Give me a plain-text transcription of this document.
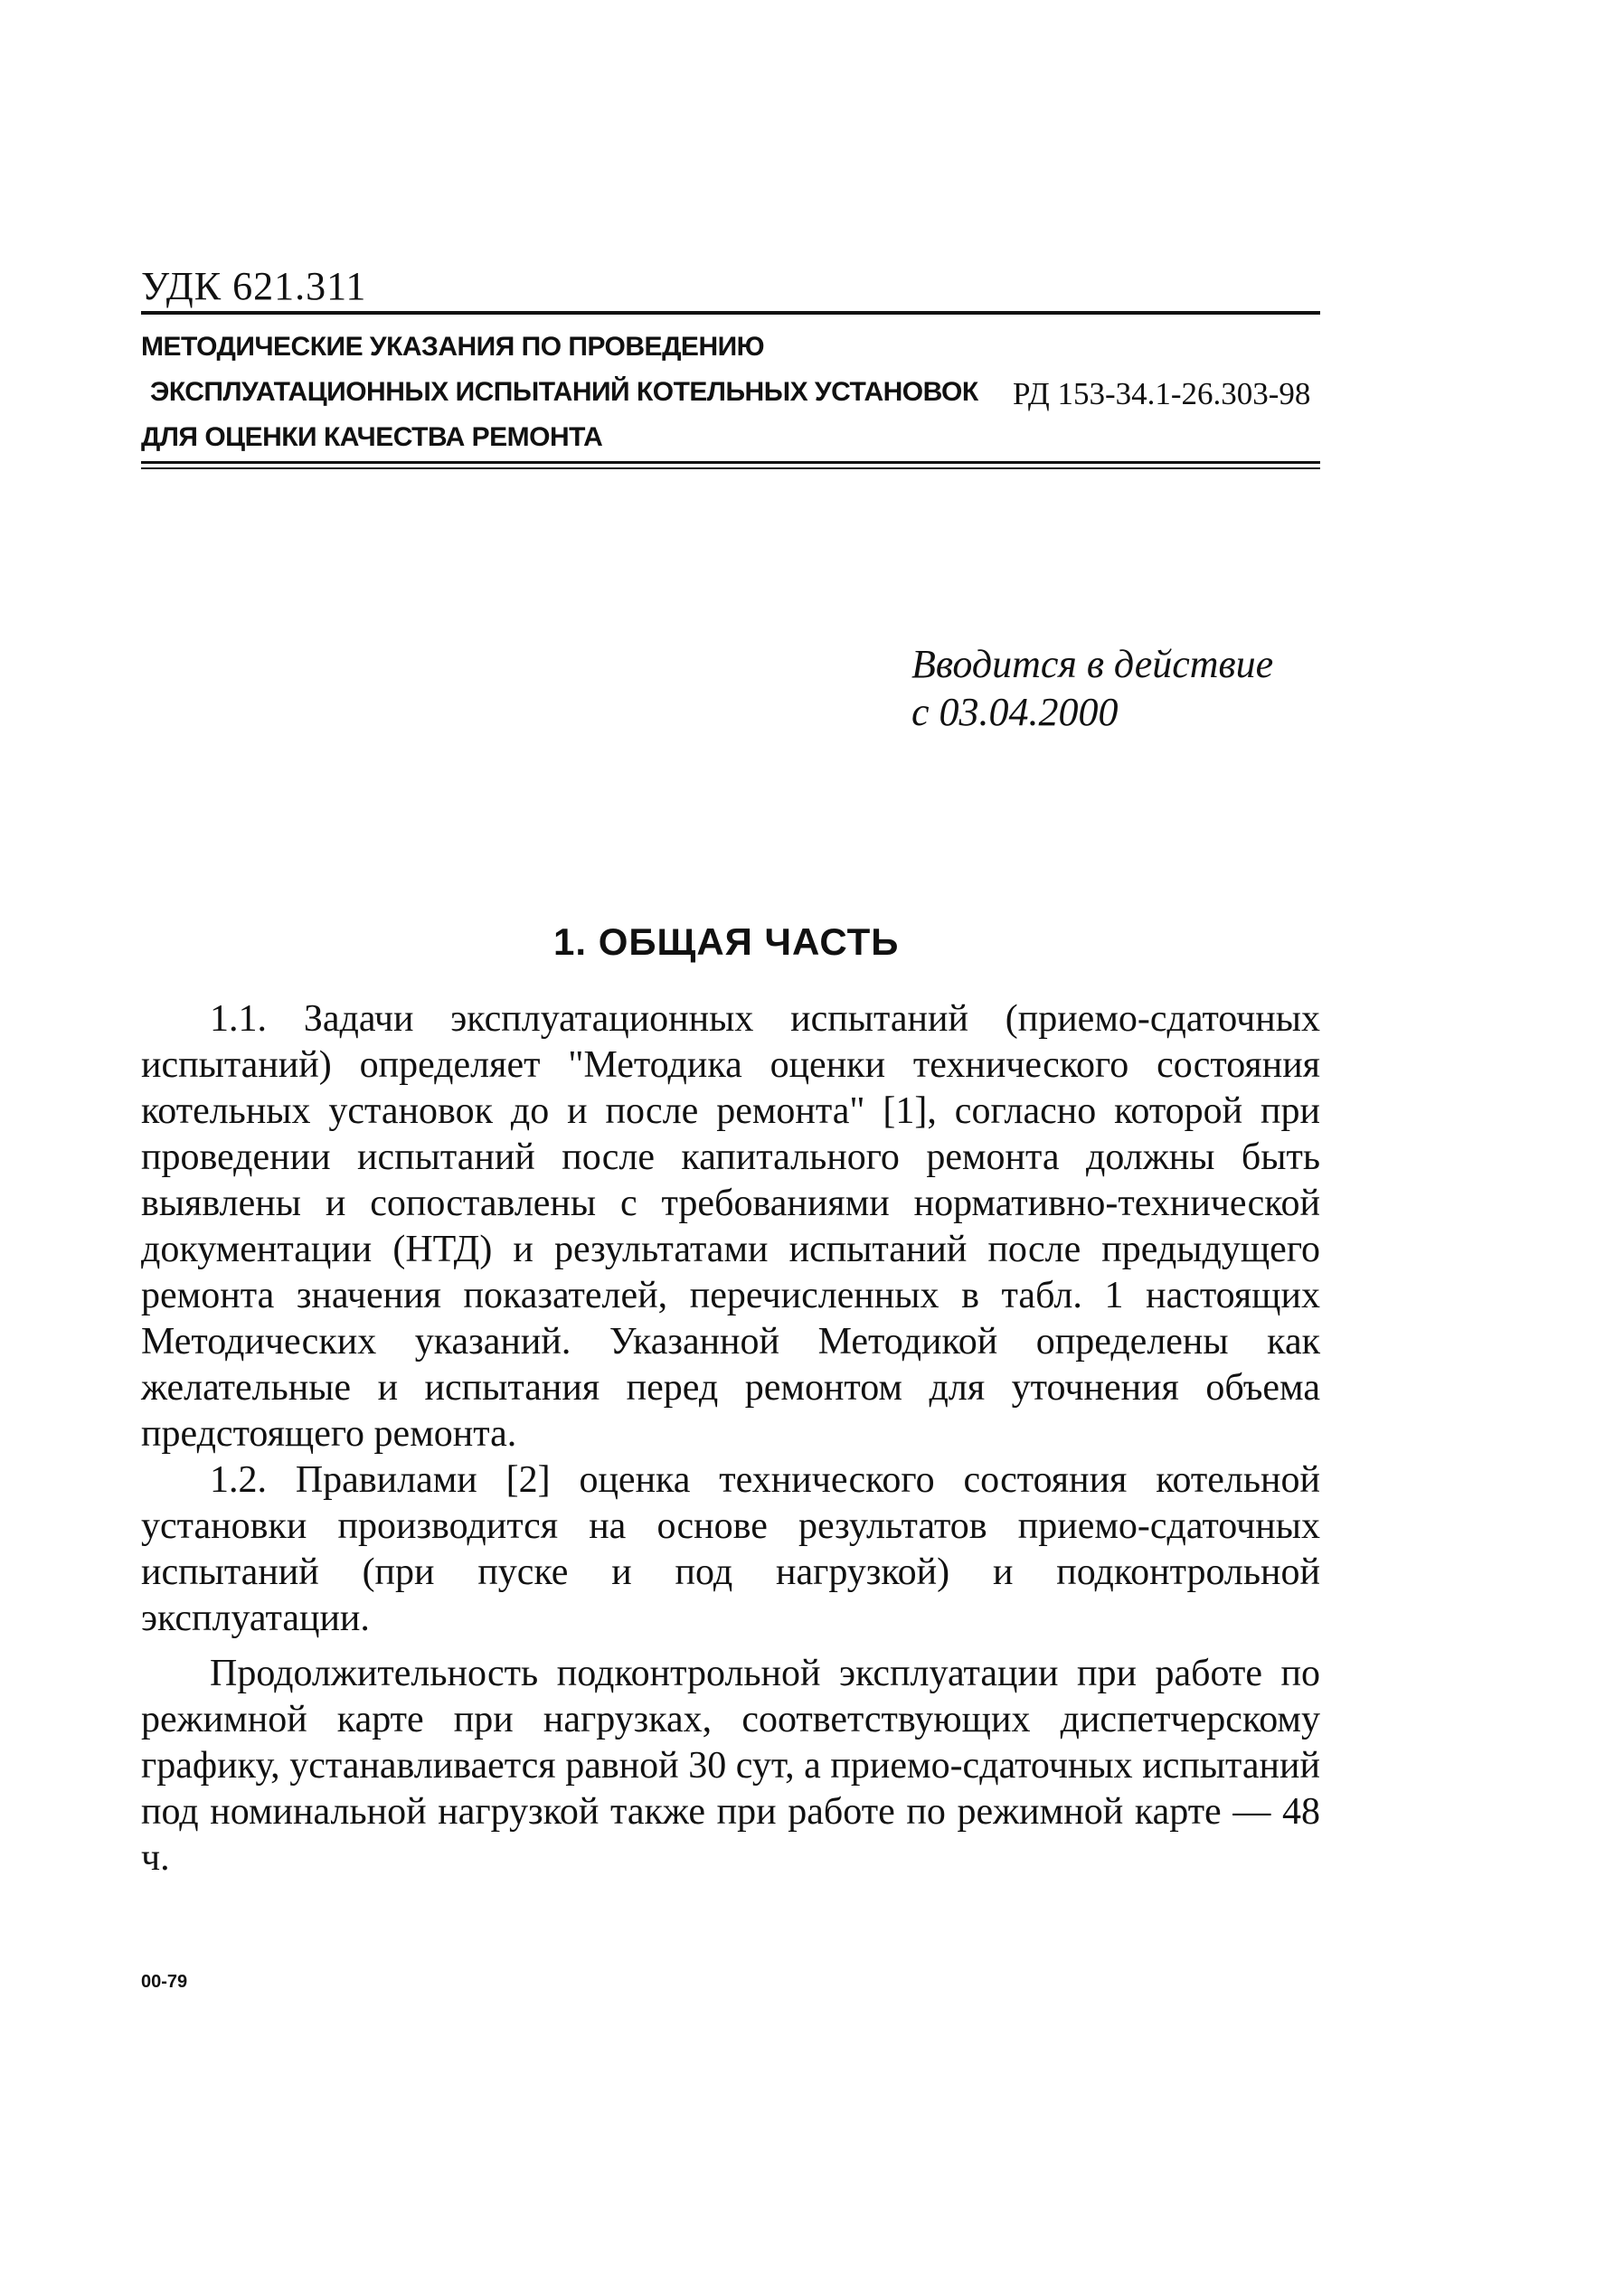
УДК 621.311
МЕТОДИЧЕСКИЕ УКАЗАНИЯ ПО ПРОВЕДЕНИЮ
ЭКСПЛУАТАЦИОННЫХ ИСПЫТАНИЙ КОТЕЛЬНЫХ УСТАНОВОК
ДЛЯ ОЦЕНКИ КАЧЕСТВА РЕМОНТА
РД 153-34.1-26.303-98
Вводится в действие
с 03.04.2000
1. ОБЩАЯ ЧАСТЬ

1.1. Задачи эксплуатационных испытаний (приемо-сдаточных испытаний) определяет "Методика оценки технического состояния котельных установок до и после ремонта" [1], согласно которой при проведении испытаний после капитального ремонта должны быть выявлены и сопоставлены с требованиями нормативно-технической документации (НТД) и результатами испытаний после предыдущего ремонта значения показателей, перечисленных в табл. 1 настоящих Методических указаний. Указанной Методикой определены как желательные и испытания перед ремонтом для уточнения объема предстоящего ремонта.

1.2. Правилами [2] оценка технического состояния котельной установки производится на основе результатов приемо-сдаточных испытаний (при пуске и под нагрузкой) и подконтрольной эксплуатации.

Продолжительность подконтрольной эксплуатации при работе по режимной карте при нагрузках, соответствующих диспетчерскому графику, устанавливается равной 30 сут, а приемо-сдаточных испытаний под номинальной нагрузкой также при работе по режимной карте — 48 ч.

00-79
